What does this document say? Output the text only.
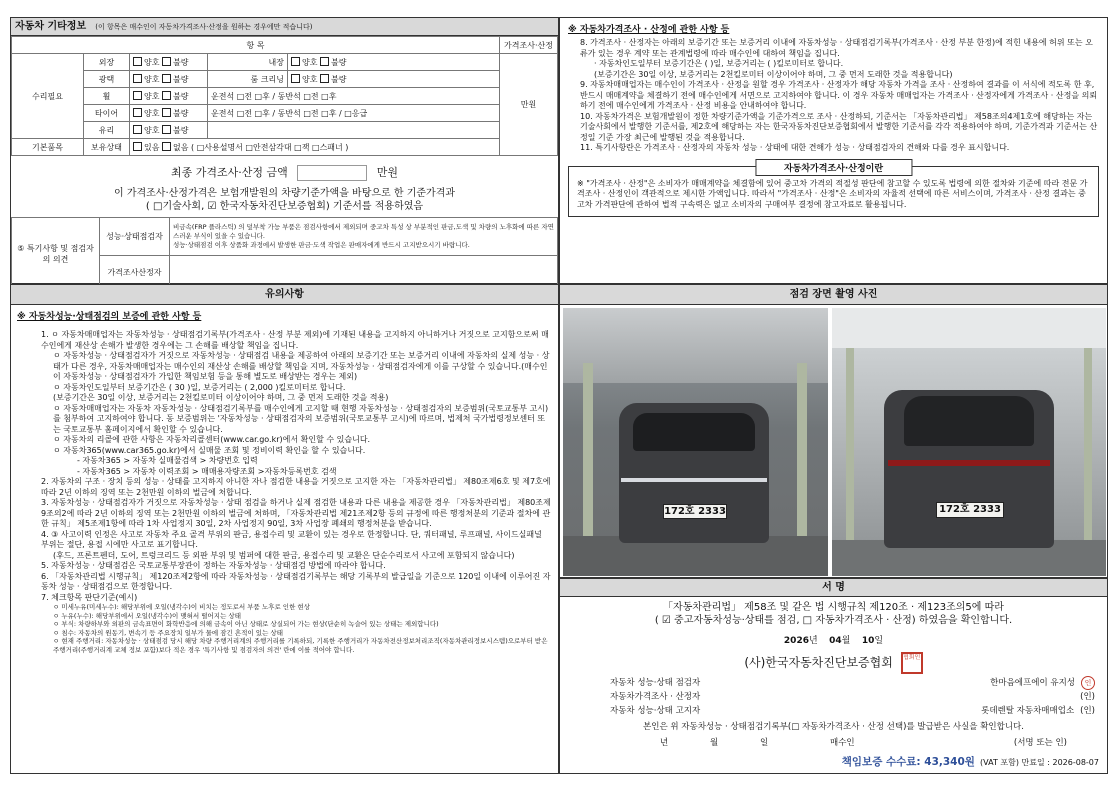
자동차 기타정보 (이 항목은 매수인이 자동차가격조사·산정을 원하는 경우에만 적습니다)
항 목					가격조사·산정
수리필요	외장	양호 불량	내장	양호 불량	만원
	광택	양호 불량	룸 크리닝	양호 불량	
	휠	양호 불량	운전석 □전 □후 / 동반석 □전 □후		
	타이어	양호 불량	운전석 □전 □후 / 동반석 □전 □후 / □응급		
	유리	양호 불량			
기본품목	보유상태	있음 없음 ( □사용설명서 □안전삼각대 □잭 □스패너 )			
최종 가격조사·산정 금액	만원
이 가격조사·산정가격은 보험개발원의 차량기준가액을 바탕으로 한 기준가격과
( □기술사회, ☑ 한국자동차진단보증협회) 기준서를 적용하였음
⑤ 특기사항 및 점검자의 의견	성능·상태점검자	비금속(FRP 플라스틱) 의 덮부착 가능 부품은 점검사항에서 제외되며 중고차 특성 상 부분적인 판금,도색 및 차량의 노후화에 따른 자연스러운 부식이 있을 수 있습니다.
성능·상태점검 이후 상품화 과정에서 발생한 판금·도색 작업은 판매자에게 반드시 고지받으시기 바랍니다.

	가격조사산정자	
※ 자동차가격조사 · 산정에 관한 사항 등
8. 가격조사 · 산정자는 아래의 보증기간 또는 보증거리 이내에 자동차성능 · 상태점검기록부(가격조사 · 산정 부분 한정)에 적힌 내용에 허위 또는 오류가 있는 경우 계약 또는 관계법령에 따라 매수인에 대하여 책임을 집니다.
· 자동차인도일부터 보증기간은 ( )일, 보증거리는 ( )킬로미터로 합니다.
(보증기간은 30일 이상, 보증거리는 2천킬로미터 이상이어야 하며, 그 중 먼저 도래한 것을 적용합니다)
9. 자동차매매업자는 매수인이 가격조사 · 산정을 원할 경우 가격조사 · 산정자가 해당 자동차 가격을 조사 · 산정하여 결과를 이 서식에 적도록 한 후, 반드시 매매계약을 체결하기 전에 매수인에게 서면으로 고지하여야 합니다. 이 경우 자동차 매매업자는 가격조사 · 산정자에게 가격조사 · 산정을 의뢰하기 전에 매수인에게 가격조사 · 산정 비용을 안내하여야 합니다.
10. 자동차가격은 보험개발원이 정한 차량기준가액을 기준가격으로 조사 · 산정하되, 기준서는 「자동차관리법」 제58조의4제1호에 해당하는 자는 기술사회에서 발행한 기준서를, 제2호에 해당하는 자는 한국자동차진단보증협회에서 발행한 기준서를 각각 적용하여야 하며, 기준가격과 기준서는 산정일 기준 가장 최근에 발행된 것을 적용합니다.
11. 특기사항란은 가격조사 · 산정자의 자동차 성능 · 상태에 대한 견해가 성능 · 상태점검자의 견해와 다를 경우 표시합니다.
자동차가격조사·산정이란
※ "가격조사 · 산정"은 소비자가 매매계약을 체결함에 있어 중고차 가격의 적절성 판단에 참고할 수 있도록 법령에 의한 절차와 기준에 따라 전문 가격조사 · 산정인이 객관적으로 제시한 가액입니다. 따라서 "가격조사 · 산정"은 소비자의 자율적 선택에 따른 서비스이며, 가격조사 · 산정 결과는 중고차 가격판단에 관하여 법적 구속력은 없고 소비자의 구매여부 결정에 참고자료로 활용됩니다.
유의사항
※ 자동차성능·상태점검의 보증에 관한 사항 등
1. ㅇ 자동차매매업자는 자동차성능 · 상태점검기록부(가격조사 · 산정 부분 제외)에 기재된 내용을 고지하지 아니하거나 거짓으로 고지함으로써 매수인에게 재산상 손해가 발생한 경우에는 그 손해를 배상할 책임을 집니다.
ㅇ 자동차성능 · 상태점검자가 거짓으로 자동차성능 · 상태점검 내용을 제공하여 아래의 보증기간 또는 보증거리 이내에 자동차의 실제 성능 · 상태가 다른 경우, 자동차매매업자는 매수인의 재산상 손해를 배상할 책임을 지며, 자동차성능 · 상태점검자에게 이를 구상할 수 있습니다.(매수인이 자동차성능 · 상태점검자가 가입한 책임보험 등을 통해 별도로 배상받는 경우는 제외)
ㅇ 자동차인도일부터 보증기간은 ( 30 )일, 보증거리는 ( 2,000 )킬로미터로 합니다.
(보증기간은 30일 이상, 보증거리는 2천킬로미터 이상이어야 하며, 그 중 먼저 도래한 것을 적용)
ㅇ 자동차매매업자는 자동차 자동차성능 · 상태점검기록부를 매수인에게 고지할 때 현행 자동차성능 · 상태점검자의 보증범위(국토교통부 고시)를 첨부하여 고지하여야 합니다. 동 보증범위는 '자동차성능 · 상태점검자의 보증범위(국토교통부 고시)에 따르며, 법제처 국가법령정보센터 또는 국토교통부 홈페이지에서 확인할 수 있습니다.
ㅇ 자동차의 리콜에 관한 사항은 자동차리콜센터(www.car.go.kr)에서 확인할 수 있습니다.
ㅇ 자동차365(www.car365.go.kr)에서 실매물 조회 및 정비이력 확인을 할 수 있습니다.
- 자동차365 > 자동차 실매물검색 > 차량번호 입력
- 자동차365 > 자동차 이력조회 > 매매용자량조회 >자동차등록번호 검색
2. 자동차의 구조 · 장치 등의 성능 · 상태를 고지하지 아니한 자나 점검한 내용을 거짓으로 고지한 자는 「자동차관리법」 제80조제6호 및 제7호에 따라 2년 이하의 징역 또는 2천만원 이하의 벌금에 처합니다.
3. 자동차성능 · 상태점검자가 거짓으로 자동차성능 · 상태 점검을 하거나 실제 점검한 내용과 다른 내용을 제공한 경우 「자동차관리법」 제80조제9조의2에 따라 2년 이하의 징역 또는 2천만원 이하의 벌금에 처하며, 「자동차관리법 제21조제2항 등의 규정에 따른 행정처분의 기준과 절차에 관한 규칙」 제5조제1항에 따라 1차 사업정지 30일, 2차 사업정지 90일, 3차 사업장 폐쇄의 행정처분을 받습니다.
4. ③ 사고이력 인정은 사고로 자동차 주요 골격 부위의 판금, 용접수리 및 교환이 있는 경우로 한정합니다. 단, 쿼터패널, 루프패널, 사이드실패널 부위는 절단, 용접 시에만 사고로 표기합니다.
(후드, 프론트펜더, 도어, 트렁크리드 등 외판 부위 및 범퍼에 대한 판금, 용접수리 및 교환은 단순수리로서 사고에 포함되지 않습니다)
5. 자동차성능 · 상태점검은 국토교통부장관이 정하는 자동차성능 · 상태점검 방법에 따라야 합니다.
6. 「자동차관리법 시행규칙」 제120조제2항에 따라 자동차성능 · 상태점검기록부는 해당 기록부의 발급일을 기준으로 120일 이내에 이루어진 자동차 성능 · 상태점검으로 한정합니다.
7. 체크항목 판단기준(예시)
ㅇ 미세누유(미세누수): 해당부위에 오일(냉각수)이 비치는 정도로서 부품 노후로 인한 현상
ㅇ 누유(누수): 해당부위에서 오일(냉각수)이 맺혀서 떨어지는 상태
ㅇ 부식: 차량하부와 외판의 금속표면이 화학반응에 의해 금속이 아닌 상태로 상실되어 가는 현상(단순히 녹슬어 있는 상태는 제외합니다)
ㅇ 침수: 자동차의 원동기, 변속기 등 주요장치 일부가 물에 잠긴 흔적이 있는 상태
ㅇ 현재 주행거리: 자동차성능 · 상태점검 당시 해당 차량 주행거리계의 주행거리를 기록하되, 기록한 주행거리가 자동차전산정보처리조직(자동차관리정보시스템)으로부터 받은 주행거리(주행거리계 교체 정보 포함)보다 적은 경우 '특기사항 및 점검자의 의견' 란에 이를 적어야 합니다.
점검 장면 촬영 사진
172호 2333	172호 2333
서 명
「자동차관리법」 제58조 및 같은 법 시행규칙 제120조 · 제123조의5에 따라
( ☑ 중고자동차성능·상태를 점검, □ 자동차가격조사 · 산정) 하였음을 확인합니다.
2026년 04월 10일
(사)한국자동차진단보증협회 협회인
자동차 성능·상태 점검자	한마음에프에이 유지성	인
자동차가격조사 · 산정자	(인)
자동차 성능·상태 고지자	롯데렌탈 자동차매매업소 (인)
본인은 위 자동차성능 · 상태점검기록부(□ 자동차가격조사 · 산정 선택)를 발급받은 사실을 확인합니다.
년	월	일	매수인	(서명 또는 인)
책임보증 수수료: 43,340원 (VAT 포함) 만료일 : 2026-08-07
